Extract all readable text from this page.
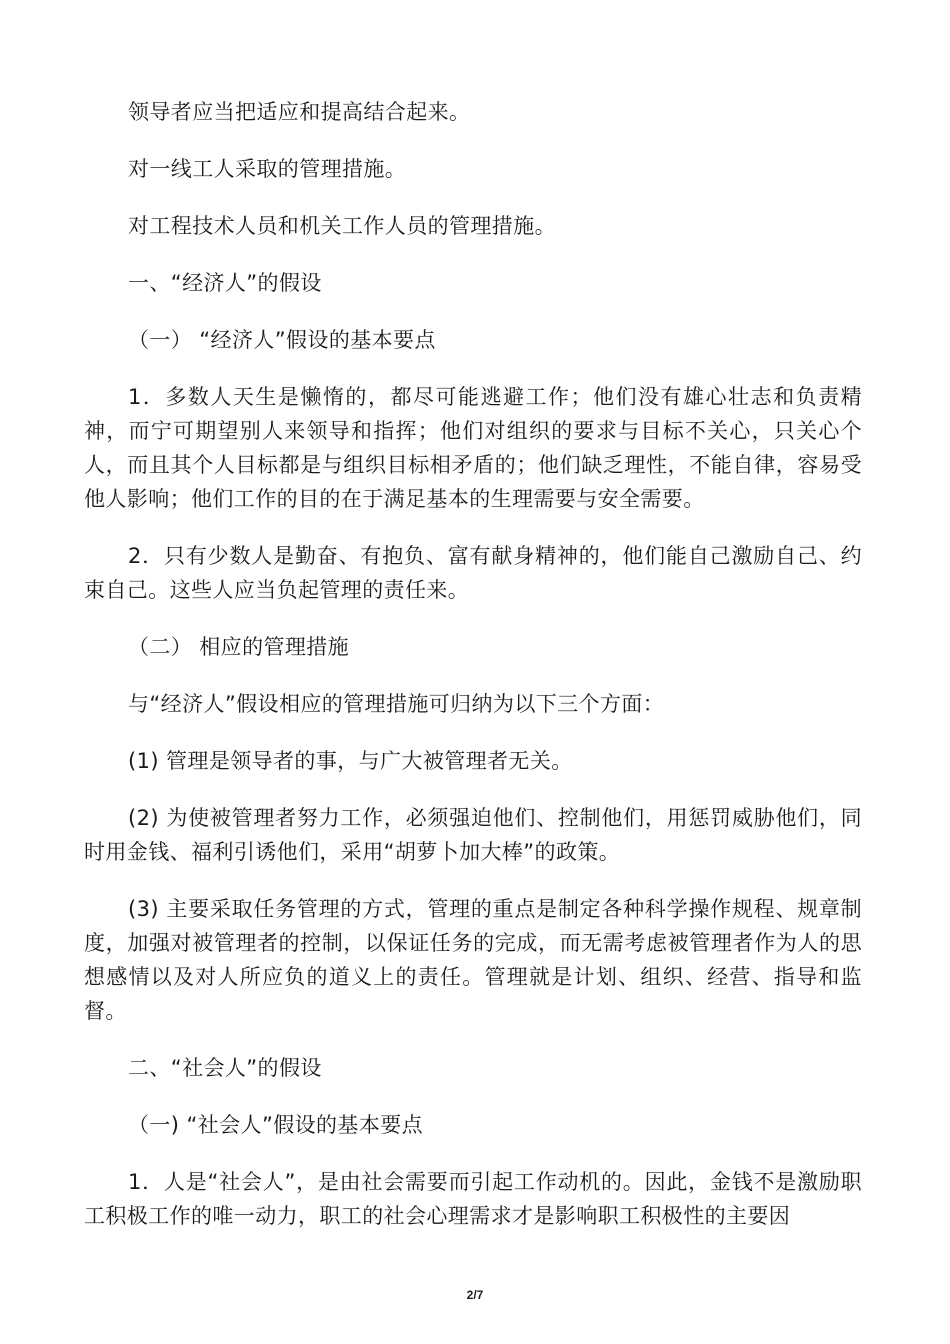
领导者应当把适应和提高结合起来。

对一线工人采取的管理措施。

对工程技术人员和机关工作人员的管理措施。

一、“经济人”的假设

（一） “经济人”假设的基本要点

1．多数人天生是懒惰的，都尽可能逃避工作；他们没有雄心壮志和负责精神，而宁可期望别人来领导和指挥；他们对组织的要求与目标不关心，只关心个人，而且其个人目标都是与组织目标相矛盾的；他们缺乏理性，不能自律，容易受他人影响；他们工作的目的在于满足基本的生理需要与安全需要。

2．只有少数人是勤奋、有抱负、富有献身精神的，他们能自己激励自己、约束自己。这些人应当负起管理的责任来。

（二） 相应的管理措施

与“经济人”假设相应的管理措施可归纳为以下三个方面：

(1) 管理是领导者的事，与广大被管理者无关。

(2) 为使被管理者努力工作，必须强迫他们、控制他们，用惩罚威胁他们，同时用金钱、福利引诱他们，采用“胡萝卜加大棒”的政策。

(3) 主要采取任务管理的方式，管理的重点是制定各种科学操作规程、规章制度，加强对被管理者的控制，以保证任务的完成，而无需考虑被管理者作为人的思想感情以及对人所应负的道义上的责任。管理就是计划、组织、经营、指导和监督。

二、“社会人”的假设

（一) “社会人”假设的基本要点

1．人是“社会人”，是由社会需要而引起工作动机的。因此，金钱不是激励职工积极工作的唯一动力，职工的社会心理需求才是影响职工积极性的主要因

2/7
